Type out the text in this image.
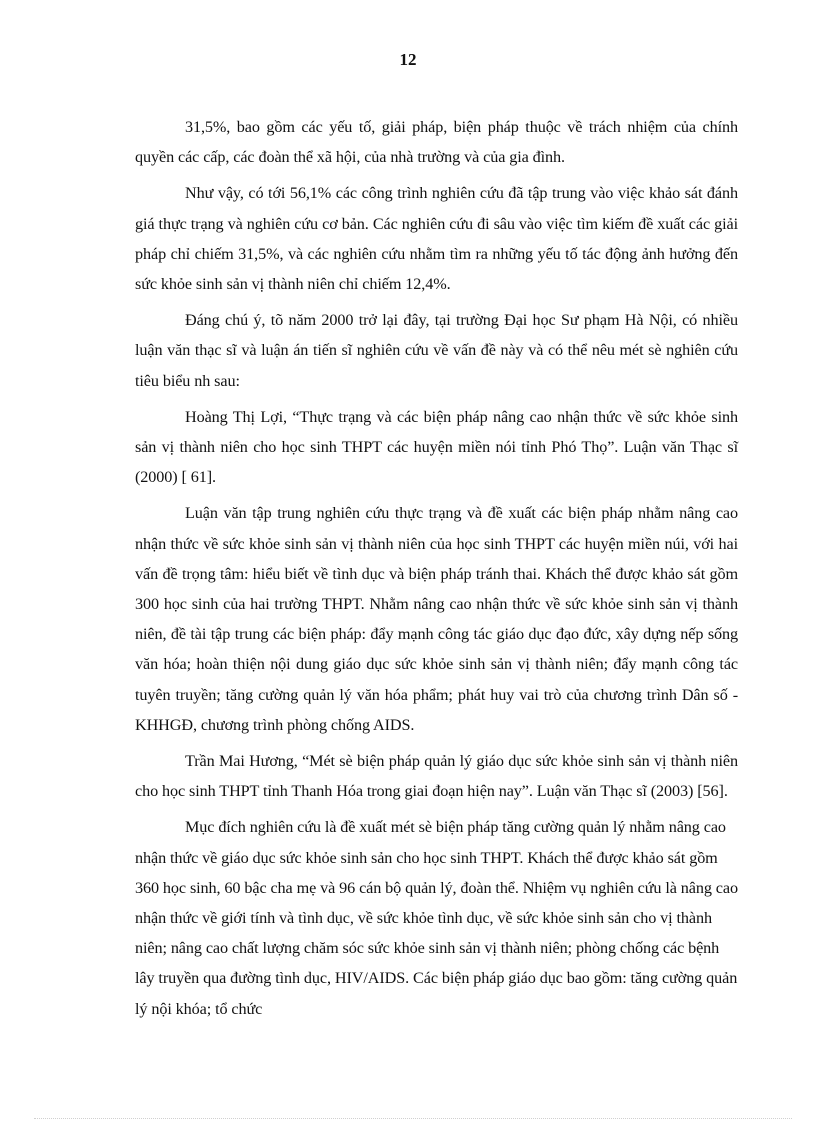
12

31,5%, bao gồm các yếu tố, giải pháp, biện pháp thuộc về trách nhiệm của chính quyền các cấp, các đoàn thể xã hội, của nhà trường và của gia đình.

Như vậy, có tới 56,1% các công trình nghiên cứu đã tập trung vào việc khảo sát đánh giá thực trạng và nghiên cứu cơ bản. Các nghiên cứu đi sâu vào việc tìm kiếm đề xuất các giải pháp chỉ chiếm 31,5%, và các nghiên cứu nhằm tìm ra những yếu tố tác động ảnh hưởng đến sức khỏe sinh sản vị thành niên chỉ chiếm 12,4%.

Đáng chú ý, tõ năm 2000 trở lại đây, tại trường Đại học Sư phạm Hà Nội, có nhiều luận văn thạc sĩ và luận án tiến sĩ nghiên cứu về vấn đề này và có thể nêu mét sè nghiên cứu tiêu biểu nh sau:

Hoàng Thị Lợi, “Thực trạng và các biện pháp nâng cao nhận thức về sức khỏe sinh sản vị thành niên cho học sinh THPT các huyện miền nói tỉnh Phó Thọ”. Luận văn Thạc sĩ (2000) [ 61].

Luận văn tập trung nghiên cứu thực trạng và đề xuất các biện pháp nhằm nâng cao nhận thức về sức khỏe sinh sản vị thành niên của học sinh THPT các huyện miền núi, với hai vấn đề trọng tâm: hiểu biết về tình dục và biện pháp tránh thai. Khách thể được khảo sát gồm 300 học sinh của hai trường THPT. Nhằm nâng cao nhận thức về sức khỏe sinh sản vị thành niên, đề tài tập trung các biện pháp: đẩy mạnh công tác giáo dục đạo đức, xây dựng nếp sống văn hóa; hoàn thiện nội dung giáo dục sức khỏe sinh sản vị thành niên; đẩy mạnh công tác tuyên truyền; tăng cường quản lý văn hóa phẩm; phát huy vai trò của chương trình Dân số - KHHGĐ, chương trình phòng chống AIDS.

Trần Mai Hương, “Mét sè biện pháp quản lý giáo dục sức khỏe sinh sản vị thành niên cho học sinh THPT tỉnh Thanh Hóa trong giai đoạn hiện nay”. Luận văn Thạc sĩ (2003) [56].

Mục đích nghiên cứu là đề xuất mét sè biện pháp tăng cường quản lý nhằm nâng cao nhận thức về giáo dục sức khỏe sinh sản cho học sinh THPT. Khách thể được khảo sát gồm 360 học sinh, 60 bậc cha mẹ và 96 cán bộ quản lý, đoàn thể. Nhiệm vụ nghiên cứu là nâng cao nhận thức về giới tính và tình dục, về sức khỏe tình dục, về sức khỏe sinh sản cho vị thành niên; nâng cao chất lượng chăm sóc sức khỏe sinh sản vị thành niên; phòng chống các bệnh lây truyền qua đường tình dục, HIV/AIDS. Các biện pháp giáo dục bao gồm: tăng cường quản lý nội khóa; tổ chức
